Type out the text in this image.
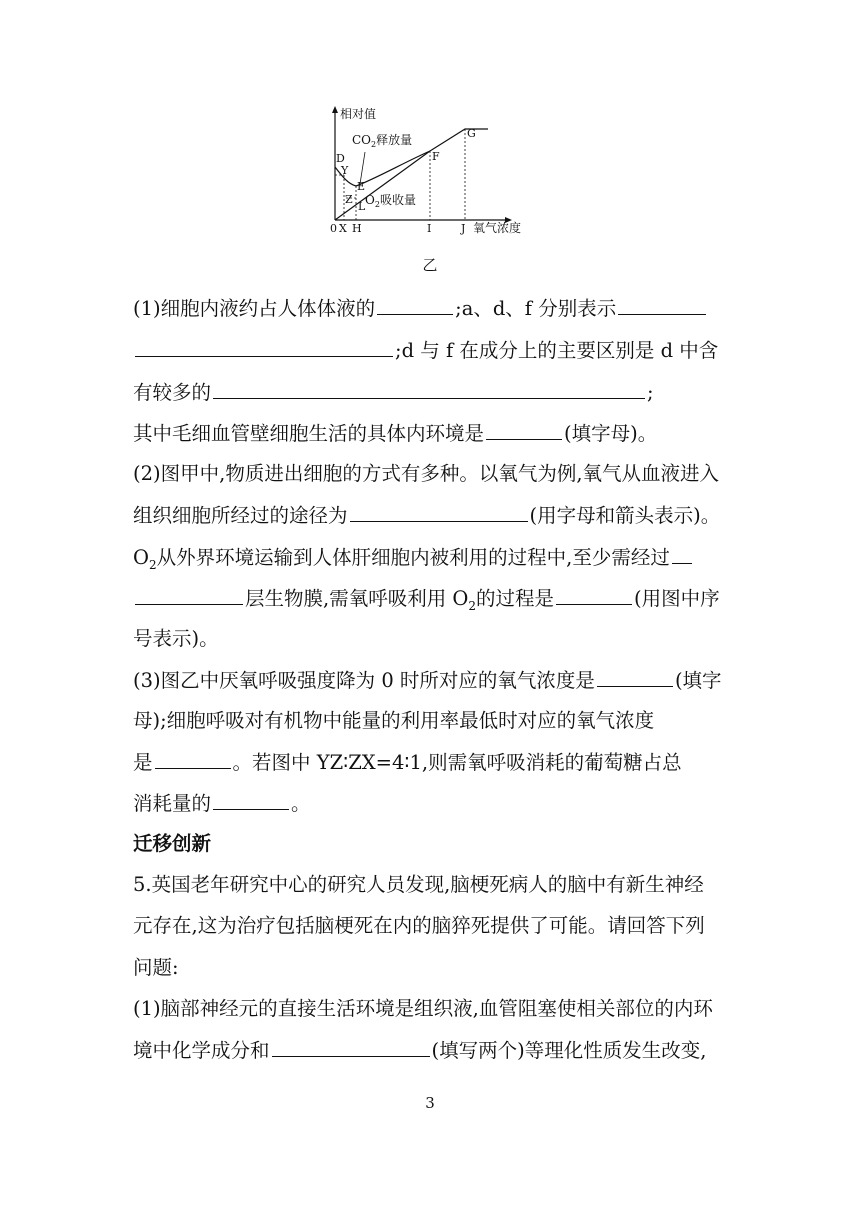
相对值
$CO_2$释放量
$O_2$吸收量
D
Y
E
Z
L
F
G
0 X H	I	J 氧气浓度
乙
(1)细胞内液约占人体体液的	;a、d、f 分别表示
;d 与 f 在成分上的主要区别是 d 中含
有较多的	;
其中毛细血管壁细胞生活的具体内环境是	(填字母)。
(2)图甲中,物质进出细胞的方式有多种。以氧气为例,氧气从血液进入
组织细胞所经过的途径为	(用字母和箭头表示)。
$O_2$从外界环境运输到人体肝细胞内被利用的过程中,至少需经过
层生物膜,需氧呼吸利用 $O_2$的过程是	(用图中序
号表示)。
(3)图乙中厌氧呼吸强度降为 0 时所对应的氧气浓度是	(填字
母);细胞呼吸对有机物中能量的利用率最低时对应的氧气浓度
是	。若图中 YZ∶ZX=4∶1,则需氧呼吸消耗的葡萄糖占总
消耗量的	。
迁移创新
5.英国老年研究中心的研究人员发现,脑梗死病人的脑中有新生神经
元存在,这为治疗包括脑梗死在内的脑猝死提供了可能。请回答下列
问题:
(1)脑部神经元的直接生活环境是组织液,血管阻塞使相关部位的内环
境中化学成分和	(填写两个)等理化性质发生改变,
3
